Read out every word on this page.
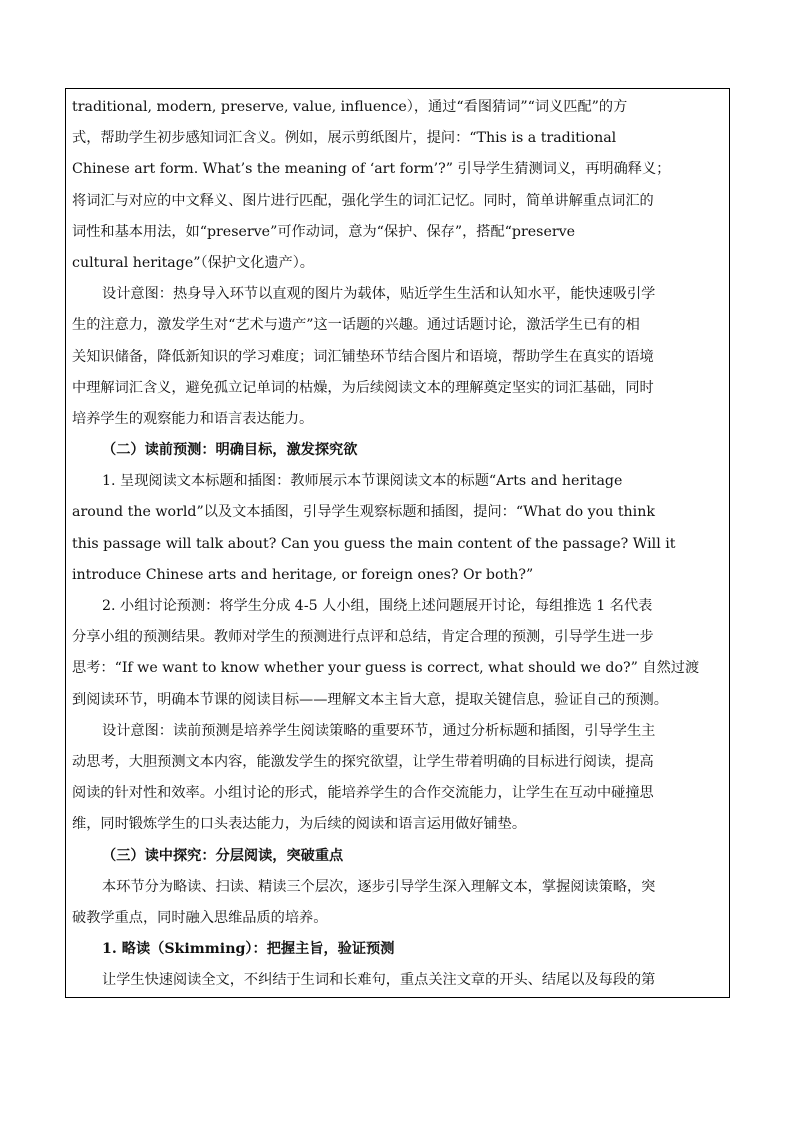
traditional, modern, preserve, value, influence），通过“看图猜词”“词义匹配”的方
式，帮助学生初步感知词汇含义。例如，展示剪纸图片，提问：“This is a traditional
Chinese art form. What’s the meaning of ‘art form’?” 引导学生猜测词义，再明确释义；
将词汇与对应的中文释义、图片进行匹配，强化学生的词汇记忆。同时，简单讲解重点词汇的
词性和基本用法，如“preserve”可作动词，意为“保护、保存”，搭配“preserve
cultural heritage”（保护文化遗产）。
设计意图：热身导入环节以直观的图片为载体，贴近学生生活和认知水平，能快速吸引学
生的注意力，激发学生对“艺术与遗产”这一话题的兴趣。通过话题讨论，激活学生已有的相
关知识储备，降低新知识的学习难度；词汇铺垫环节结合图片和语境，帮助学生在真实的语境
中理解词汇含义，避免孤立记单词的枯燥，为后续阅读文本的理解奠定坚实的词汇基础，同时
培养学生的观察能力和语言表达能力。
（二）读前预测：明确目标，激发探究欲
1. 呈现阅读文本标题和插图：教师展示本节课阅读文本的标题“Arts and heritage
around the world”以及文本插图，引导学生观察标题和插图，提问：“What do you think
this passage will talk about? Can you guess the main content of the passage? Will it
introduce Chinese arts and heritage, or foreign ones? Or both?”
2. 小组讨论预测：将学生分成 4-5 人小组，围绕上述问题展开讨论，每组推选 1 名代表
分享小组的预测结果。教师对学生的预测进行点评和总结，肯定合理的预测，引导学生进一步
思考：“If we want to know whether your guess is correct, what should we do?” 自然过渡
到阅读环节，明确本节课的阅读目标——理解文本主旨大意，提取关键信息，验证自己的预测。
设计意图：读前预测是培养学生阅读策略的重要环节，通过分析标题和插图，引导学生主
动思考，大胆预测文本内容，能激发学生的探究欲望，让学生带着明确的目标进行阅读，提高
阅读的针对性和效率。小组讨论的形式，能培养学生的合作交流能力，让学生在互动中碰撞思
维，同时锻炼学生的口头表达能力，为后续的阅读和语言运用做好铺垫。
（三）读中探究：分层阅读，突破重点
本环节分为略读、扫读、精读三个层次，逐步引导学生深入理解文本，掌握阅读策略，突
破教学重点，同时融入思维品质的培养。
1. 略读（Skimming）：把握主旨，验证预测
让学生快速阅读全文，不纠结于生词和长难句，重点关注文章的开头、结尾以及每段的第
